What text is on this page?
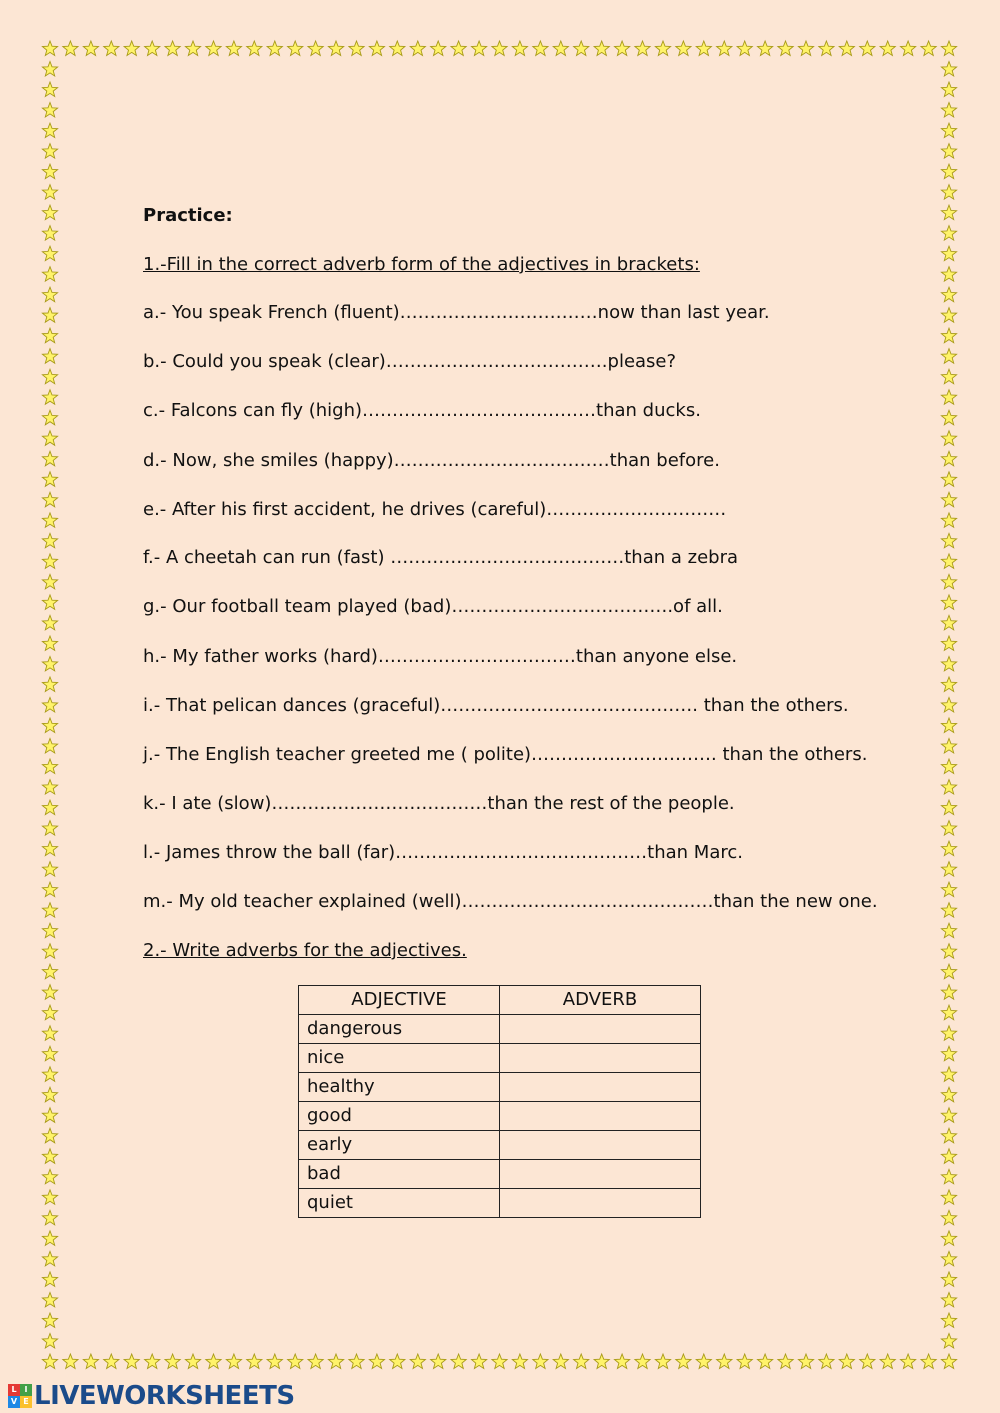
Practice:
1.-Fill in the correct adverb form of the adjectives in brackets:
a.- You speak French (fluent)……………………………now than last year.
b.- Could you speak (clear)……………………………….please?
c.- Falcons can fly (high)…………………………………than ducks.
d.- Now, she smiles (happy)………………………………than before.
e.- After his first accident, he drives (careful)…………………………
f.- A cheetah can run (fast) …………………………………than a zebra
g.- Our football team played (bad)……………………………….of all.
h.- My father works (hard)……………………………than anyone else.
i.- That pelican dances (graceful)……………………………………. than the others.
j.- The English teacher greeted me ( polite)…………………………. than the others.
k.- I ate (slow)………………………………than the rest of the people.
l.- James throw the ball (far)……………………………………than Marc.
m.- My old teacher explained (well)……………………………………than the new one.
2.- Write adverbs for the adjectives.
ADJECTIVE	ADVERB
dangerous	
nice	
healthy	
good	
early	
bad	
quiet	
L I
V E LIVEWORKSHEETS
